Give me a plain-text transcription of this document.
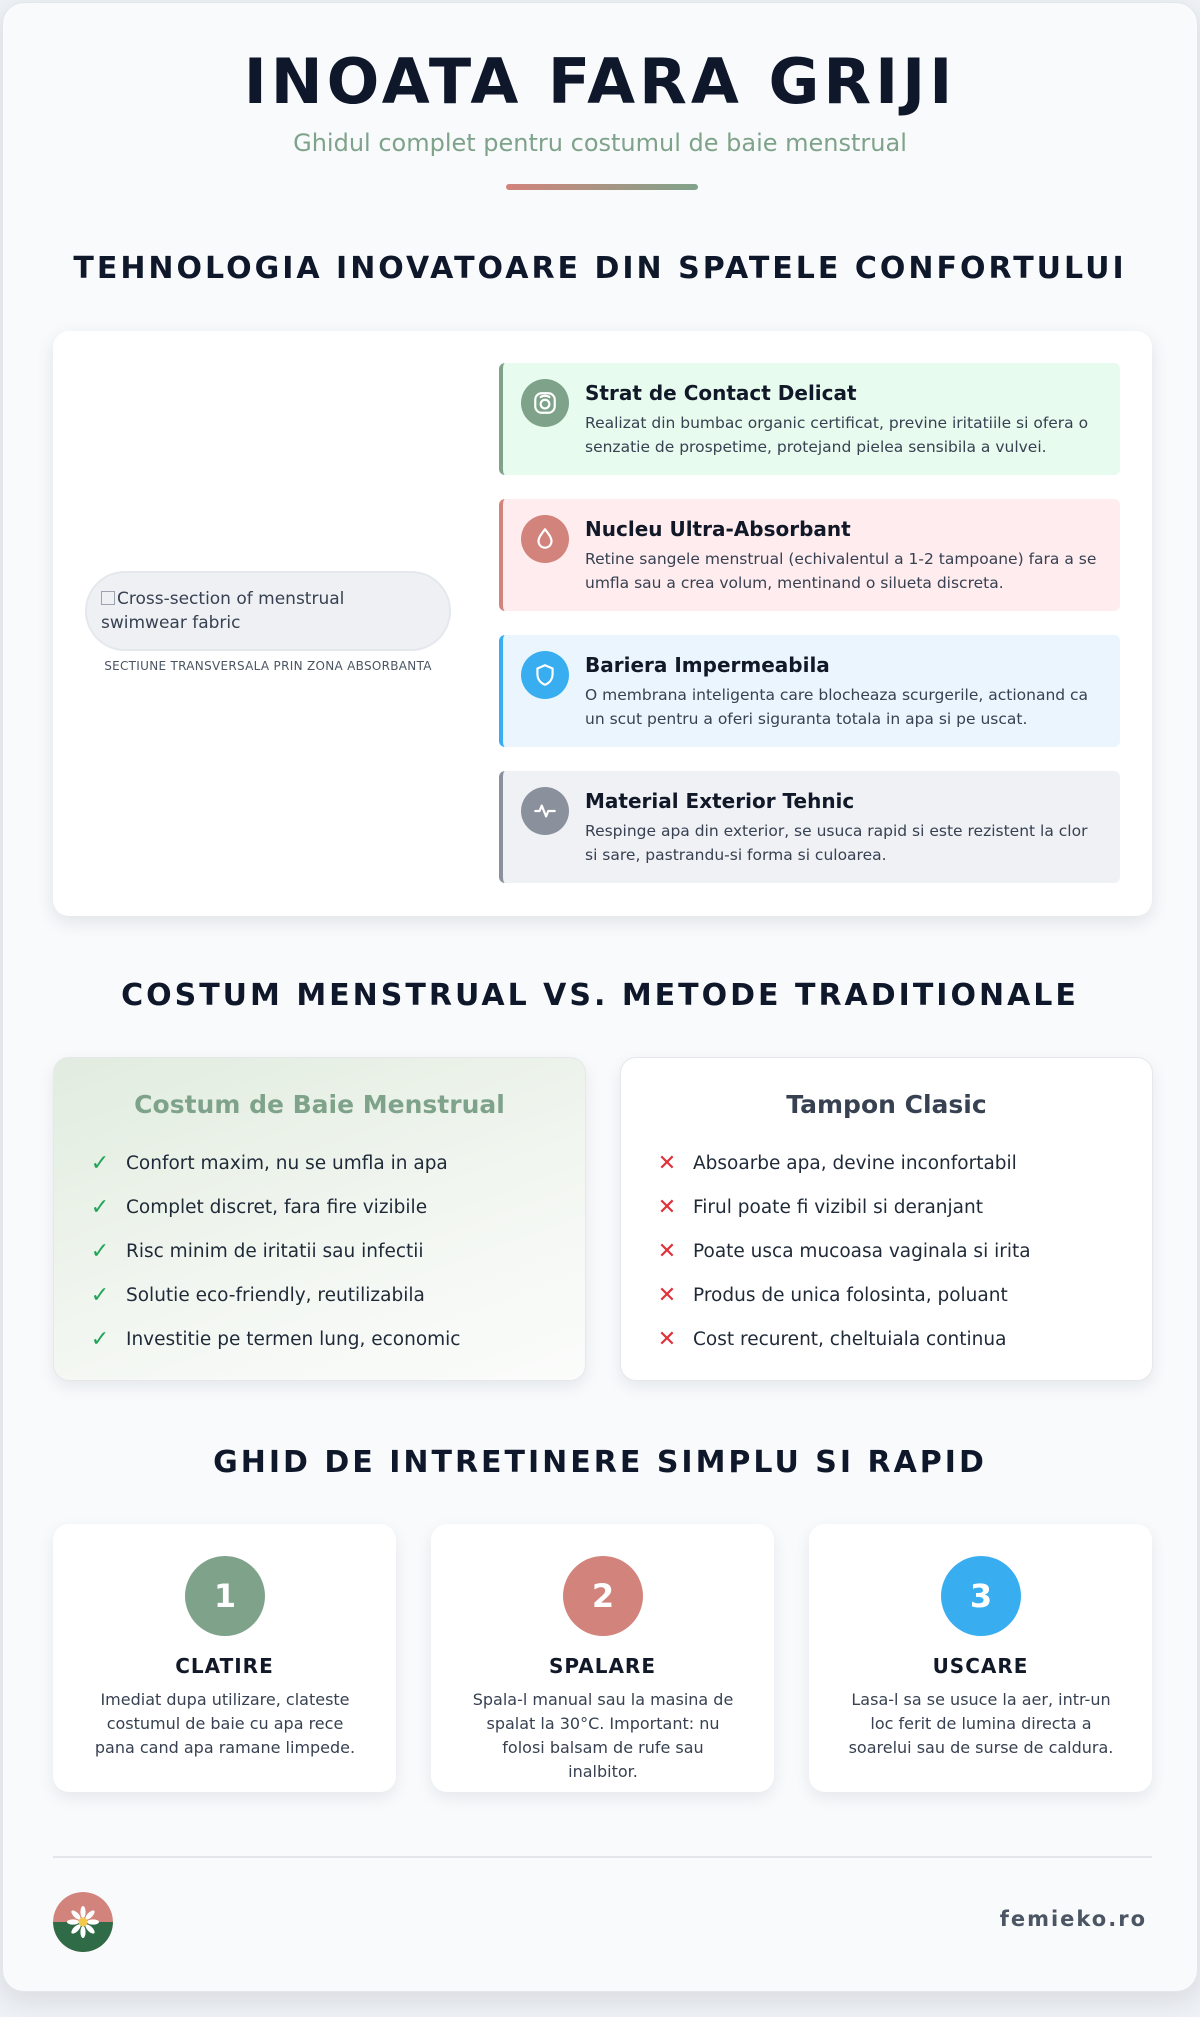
INOATA FARA GRIJI
Ghidul complet pentru costumul de baie menstrual
TEHNOLOGIA INOVATOARE DIN SPATELE CONFORTULUI
Cross-section of menstrual swimwear fabric
SECTIUNE TRANSVERSALA PRIN ZONA ABSORBANTA
Strat de Contact Delicat
Realizat din bumbac organic certificat, previne iritatiile si ofera o senzatie de prospetime, protejand pielea sensibila a vulvei.
Nucleu Ultra-Absorbant
Retine sangele menstrual (echivalentul a 1-2 tampoane) fara a se umfla sau a crea volum, mentinand o silueta discreta.
Bariera Impermeabila
O membrana inteligenta care blocheaza scurgerile, actionand ca un scut pentru a oferi siguranta totala in apa si pe uscat.
Material Exterior Tehnic
Respinge apa din exterior, se usuca rapid si este rezistent la clor si sare, pastrandu-si forma si culoarea.
COSTUM MENSTRUAL VS. METODE TRADITIONALE
Costum de Baie Menstrual
✓ Confort maxim, nu se umfla in apa
✓ Complet discret, fara fire vizibile
✓ Risc minim de iritatii sau infectii
✓ Solutie eco-friendly, reutilizabila
✓ Investitie pe termen lung, economic
Tampon Clasic
✕ Absoarbe apa, devine inconfortabil
✕ Firul poate fi vizibil si deranjant
✕ Poate usca mucoasa vaginala si irita
✕ Produs de unica folosinta, poluant
✕ Cost recurent, cheltuiala continua
GHID DE INTRETINERE SIMPLU SI RAPID
1
CLATIRE
Imediat dupa utilizare, clateste costumul de baie cu apa rece pana cand apa ramane limpede.
2
SPALARE
Spala-l manual sau la masina de spalat la 30°C. Important: nu folosi balsam de rufe sau inalbitor.
3
USCARE
Lasa-l sa se usuce la aer, intr-un loc ferit de lumina directa a soarelui sau de surse de caldura.
femieko.ro
